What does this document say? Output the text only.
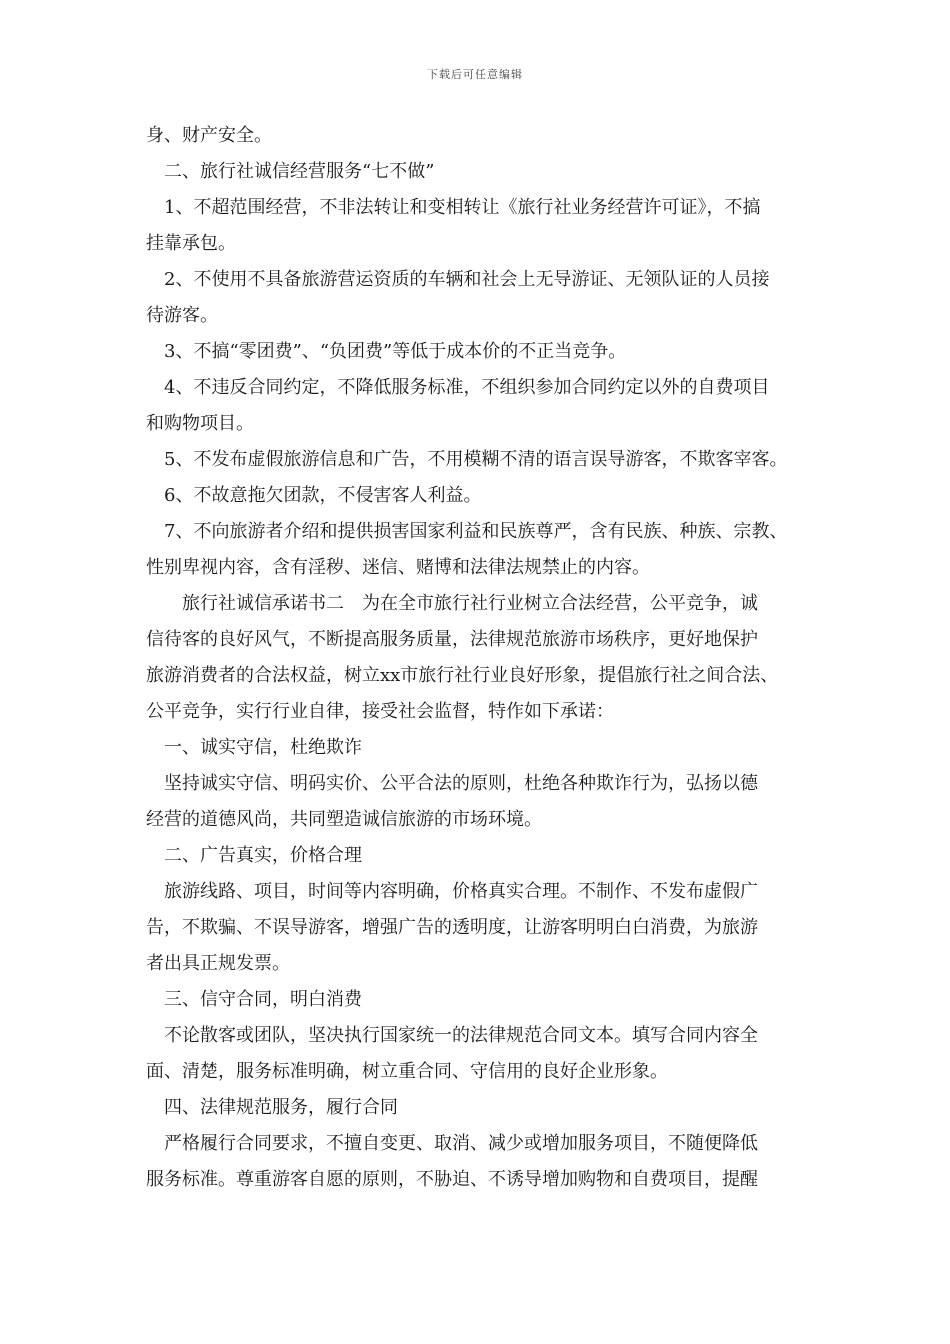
下载后可任意编辑
身、财产安全。
二、旅行社诚信经营服务“七不做”
1、不超范围经营，不非法转让和变相转让《旅行社业务经营许可证》，不搞
挂靠承包。
2、不使用不具备旅游营运资质的车辆和社会上无导游证、无领队证的人员接
待游客。
3、不搞“零团费”、“负团费”等低于成本价的不正当竞争。
4、不违反合同约定，不降低服务标准，不组织参加合同约定以外的自费项目
和购物项目。
5、不发布虚假旅游信息和广告，不用模糊不清的语言误导游客，不欺客宰客。
6、不故意拖欠团款，不侵害客人利益。
7、不向旅游者介绍和提供损害国家利益和民族尊严，含有民族、种族、宗教、
性别卑视内容，含有淫秽、迷信、赌博和法律法规禁止的内容。
旅行社诚信承诺书二　为在全市旅行社行业树立合法经营，公平竞争，诚
信待客的良好风气，不断提高服务质量，法律规范旅游市场秩序，更好地保护
旅游消费者的合法权益，树立xx市旅行社行业良好形象，提倡旅行社之间合法、
公平竞争，实行行业自律，接受社会监督，特作如下承诺：
一、诚实守信，杜绝欺诈
坚持诚实守信、明码实价、公平合法的原则，杜绝各种欺诈行为，弘扬以德
经营的道德风尚，共同塑造诚信旅游的市场环境。
二、广告真实，价格合理
旅游线路、项目，时间等内容明确，价格真实合理。不制作、不发布虚假广
告，不欺骗、不误导游客，增强广告的透明度，让游客明明白白消费，为旅游
者出具正规发票。
三、信守合同，明白消费
不论散客或团队，坚决执行国家统一的法律规范合同文本。填写合同内容全
面、清楚，服务标准明确，树立重合同、守信用的良好企业形象。
四、法律规范服务，履行合同
严格履行合同要求，不擅自变更、取消、减少或增加服务项目，不随便降低
服务标准。尊重游客自愿的原则，不胁迫、不诱导增加购物和自费项目，提醒
